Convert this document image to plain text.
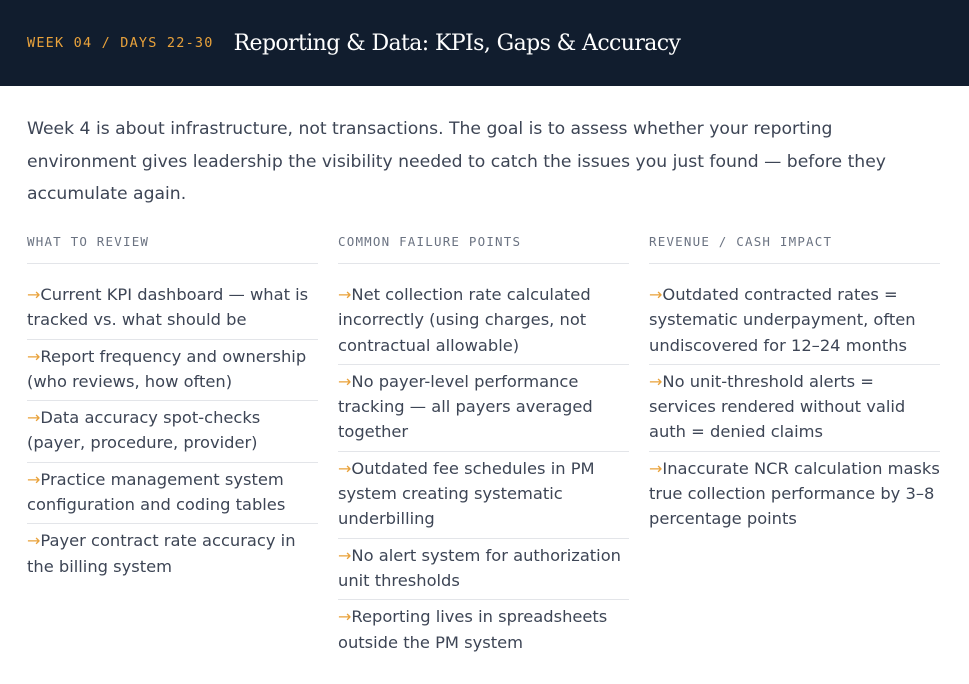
WEEK 04 / DAYS 22-30 Reporting & Data: KPIs, Gaps & Accuracy

Week 4 is about infrastructure, not transactions. The goal is to assess whether your reporting environment gives leadership the visibility needed to catch the issues you just found — before they accumulate again.

WHAT TO REVIEW
→Current KPI dashboard — what is tracked vs. what should be
→Report frequency and ownership (who reviews, how often)
→Data accuracy spot-checks (payer, procedure, provider)
→Practice management system configuration and coding tables
→Payer contract rate accuracy in the billing system
COMMON FAILURE POINTS
→Net collection rate calculated incorrectly (using charges, not contractual allowable)
→No payer-level performance tracking — all payers averaged together
→Outdated fee schedules in PM system creating systematic underbilling
→No alert system for authorization unit thresholds
→Reporting lives in spreadsheets outside the PM system
REVENUE / CASH IMPACT
→Outdated contracted rates = systematic underpayment, often undiscovered for 12–24 months
→No unit-threshold alerts = services rendered without valid auth = denied claims
→Inaccurate NCR calculation masks true collection performance by 3–8 percentage points
